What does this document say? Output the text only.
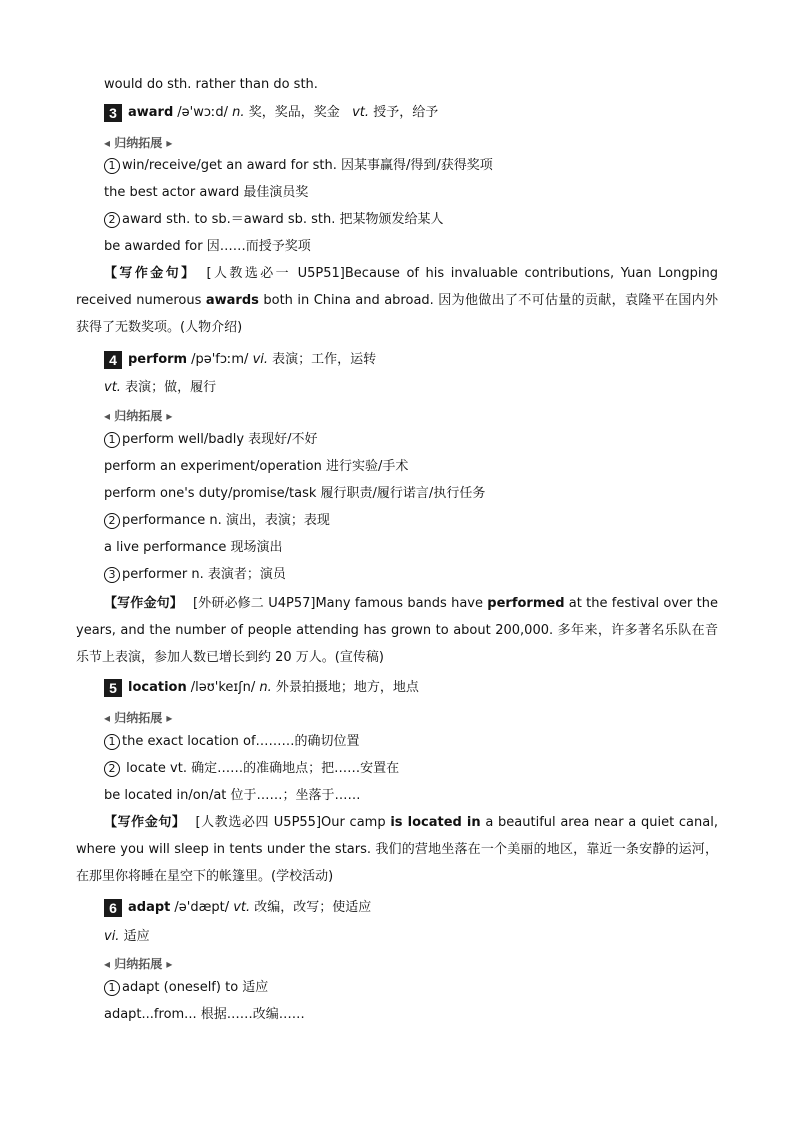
would do sth. rather than do sth.
3 award /ə'wɔːd/
n.
奖，奖品，奖金
vt.
授予，给予
◂ 归纳拓展 ▸
1 win/receive/get an award for sth. 因某事赢得/得到/获得奖项
the best actor award 最佳演员奖
2 award sth. to sb.＝award sb. sth. 把某物颁发给某人
be awarded for 因……而授予奖项
【写作金句】 [人教选必一 U5P51]Because of his invaluable contributions, Yuan Longping received numerous awards both in China and abroad. 因为他做出了不可估量的贡献，袁隆平在国内外获得了无数奖项。(人物介绍)
4 perform /pə'fɔːm/
vi.
表演；工作，运转
vt. 表演；做，履行
◂ 归纳拓展 ▸
1 perform well/badly 表现好/不好
perform an experiment/operation 进行实验/手术
perform one's duty/promise/task 履行职责/履行诺言/执行任务
2 performance n. 演出，表演；表现
a live performance 现场演出
3 performer n. 表演者；演员
【写作金句】 [外研必修二 U4P57]Many famous bands have performed at the festival over the years, and the number of people attending has grown to about 200,000. 多年来，许多著名乐队在音乐节上表演，参加人数已增长到约 20 万人。(宣传稿)
5 location /ləʊ'keɪʃn/
n.
外景拍摄地；地方，地点
◂ 归纳拓展 ▸
1 the exact location of………的确切位置
2 locate vt. 确定……的准确地点；把……安置在
be located in/on/at 位于……；坐落于……
【写作金句】 [人教选必四 U5P55]Our camp is located in a beautiful area near a quiet canal, where you will sleep in tents under the stars. 我们的营地坐落在一个美丽的地区，靠近一条安静的运河，在那里你将睡在星空下的帐篷里。(学校活动)
6 adapt /ə'dæpt/
vt.
改编，改写；使适应
vi. 适应
◂ 归纳拓展 ▸
1 adapt (oneself) to 适应
adapt...from... 根据……改编……
